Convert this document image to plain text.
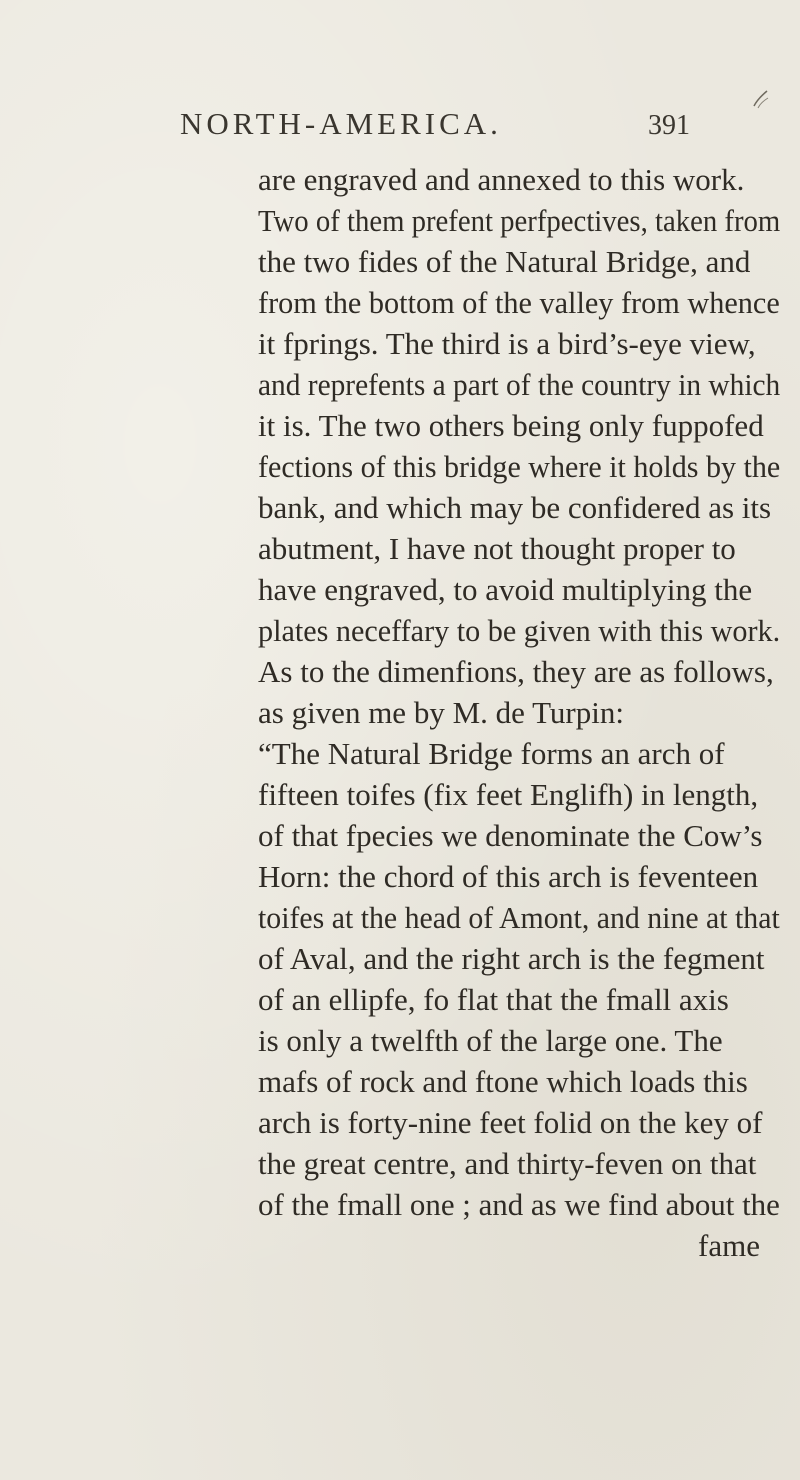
NORTH-AMERICA.	391
are engraved and annexed to this work.
Two of them prefent perfpectives, taken from
the two fides of the Natural Bridge, and
from the bottom of the valley from whence
it fprings. The third is a bird’s-eye view,
and reprefents a part of the country in which
it is. The two others being only fuppofed
fections of this bridge where it holds by the
bank, and which may be confidered as its
abutment, I have not thought proper to
have engraved, to avoid multiplying the
plates neceffary to be given with this work.
As to the dimenfions, they are as follows,
as given me by M. de Turpin:
“The Natural Bridge forms an arch of
fifteen toifes (fix feet Englifh) in length,
of that fpecies we denominate the Cow’s
Horn: the chord of this arch is feventeen
toifes at the head of Amont, and nine at that
of Aval, and the right arch is the fegment
of an ellipfe, fo flat that the fmall axis
is only a twelfth of the large one. The
mafs of rock and ftone which loads this
arch is forty-nine feet folid on the key of
the great centre, and thirty-feven on that
of the fmall one ; and as we find about the
fame
